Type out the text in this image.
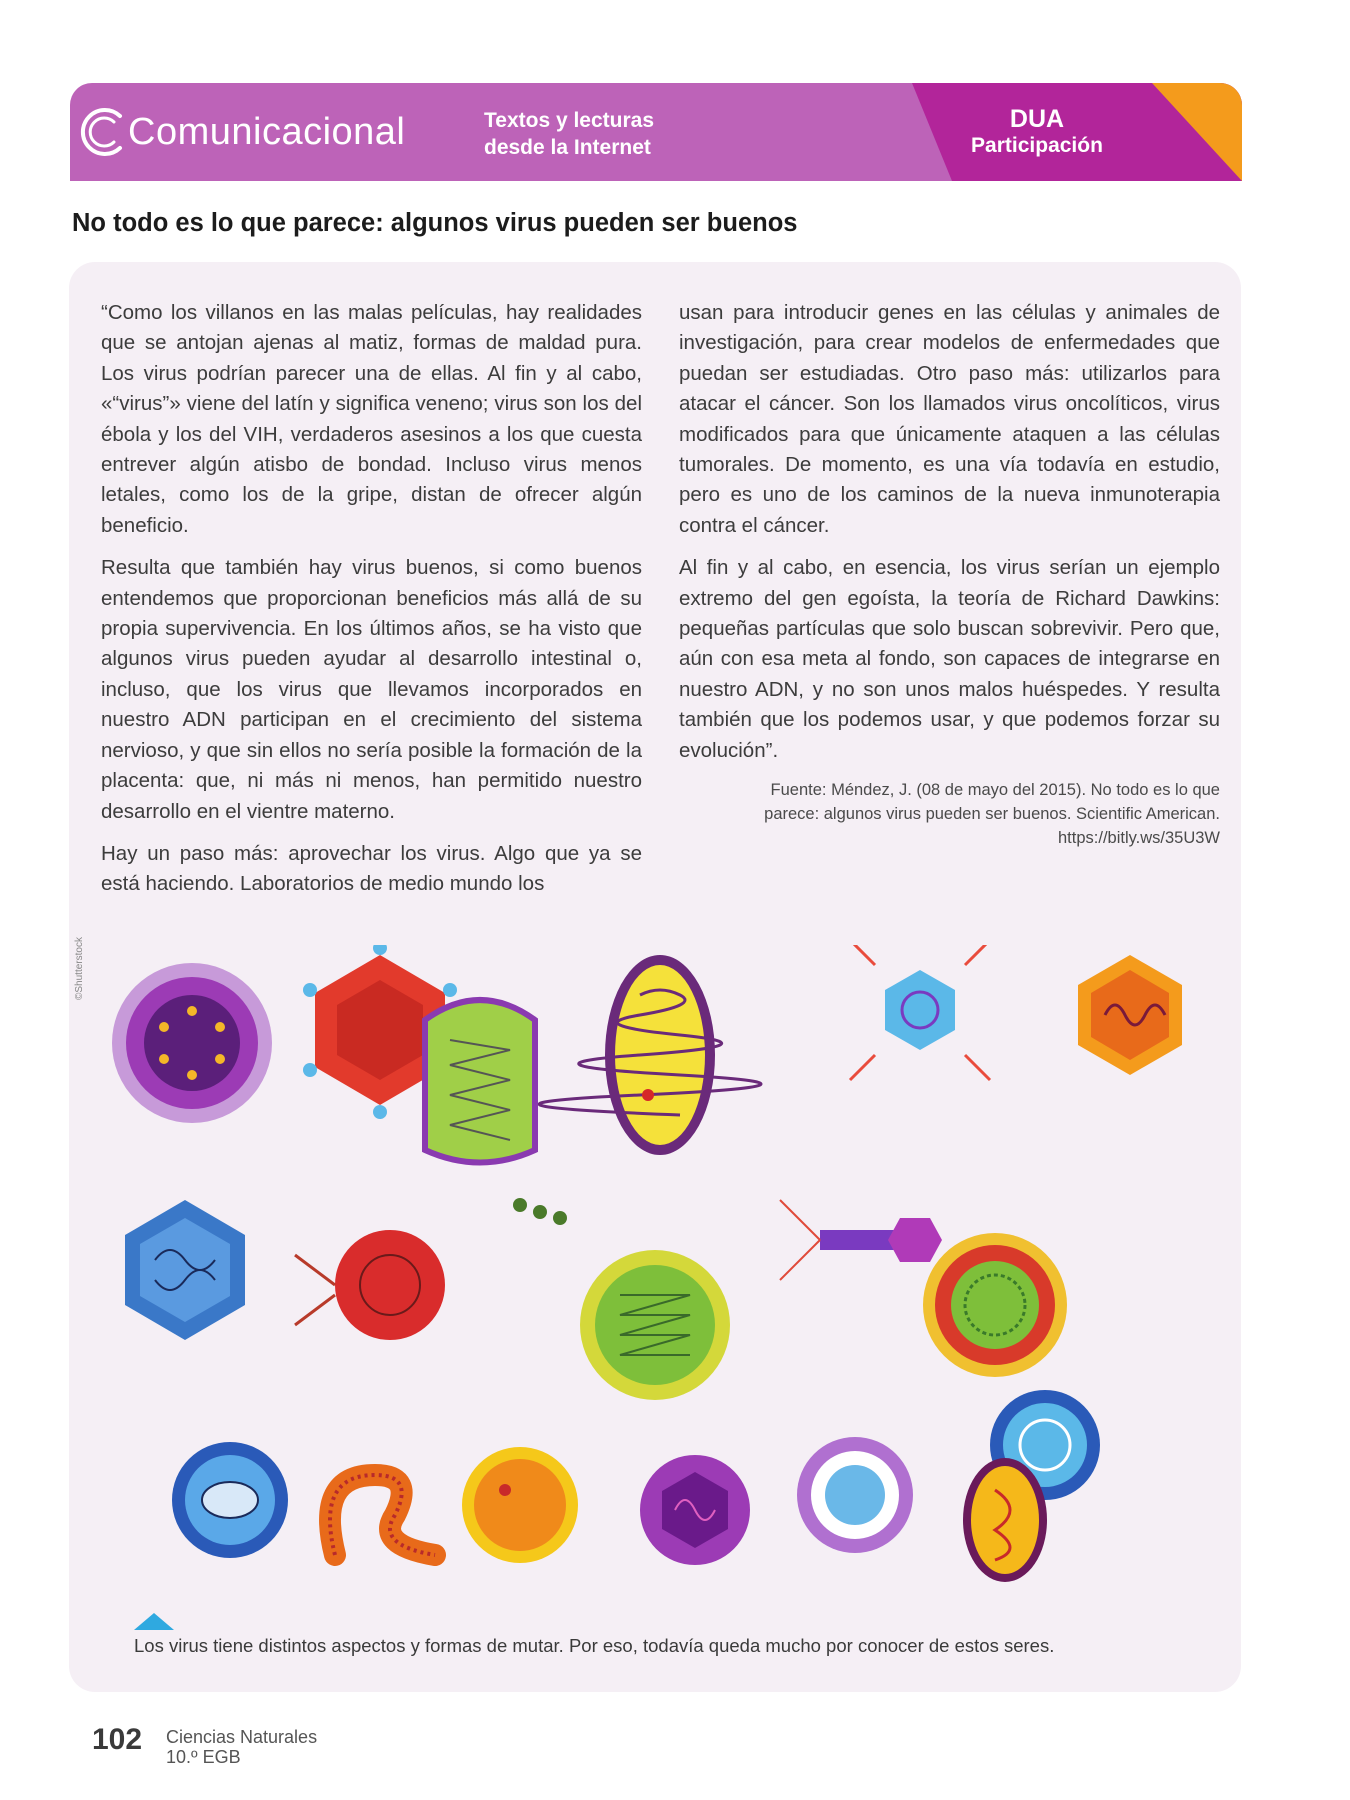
Comunicacional	Textos y lecturas
desde la Internet
DUA
Participación
No todo es lo que parece: algunos virus pueden ser buenos

“Como los villanos en las malas películas, hay realidades que se antojan ajenas al matiz, formas de maldad pura. Los virus podrían parecer una de ellas. Al fin y al cabo, «“virus”» viene del latín y significa veneno; virus son los del ébola y los del VIH, verdaderos asesinos a los que cuesta entrever algún atisbo de bondad. Incluso virus menos letales, como los de la gripe, distan de ofrecer algún beneficio.

Resulta que también hay virus buenos, si como buenos entendemos que proporcionan beneficios más allá de su propia supervivencia. En los últimos años, se ha visto que algunos virus pueden ayudar al desarrollo intestinal o, incluso, que los virus que llevamos incorporados en nuestro ADN participan en el crecimiento del sistema nervioso, y que sin ellos no sería posible la formación de la placenta: que, ni más ni menos, han permitido nuestro desarrollo en el vientre materno.

Hay un paso más: aprovechar los virus. Algo que ya se está haciendo. Laboratorios de medio mundo los

usan para introducir genes en las células y animales de investigación, para crear modelos de enfermedades que puedan ser estudiadas. Otro paso más: utilizarlos para atacar el cáncer. Son los llamados virus oncolíticos, virus modificados para que únicamente ataquen a las células tumorales. De momento, es una vía todavía en estudio, pero es uno de los caminos de la nueva inmunoterapia contra el cáncer.

Al fin y al cabo, en esencia, los virus serían un ejemplo extremo del gen egoísta, la teoría de Richard Dawkins: pequeñas partículas que solo buscan sobrevivir. Pero que, aún con esa meta al fondo, son capaces de integrarse en nuestro ADN, y no son unos malos huéspedes. Y resulta también que los podemos usar, y que podemos forzar su evolución”.

Fuente: Méndez, J. (08 de mayo del 2015). No todo es lo que
parece: algunos virus pueden ser buenos. Scientific American.
https://bitly.ws/35U3W
©Shutterstock
Los virus tiene distintos aspectos y formas de mutar. Por eso, todavía queda mucho por conocer de estos seres.
102 Ciencias Naturales
10.º EGB
